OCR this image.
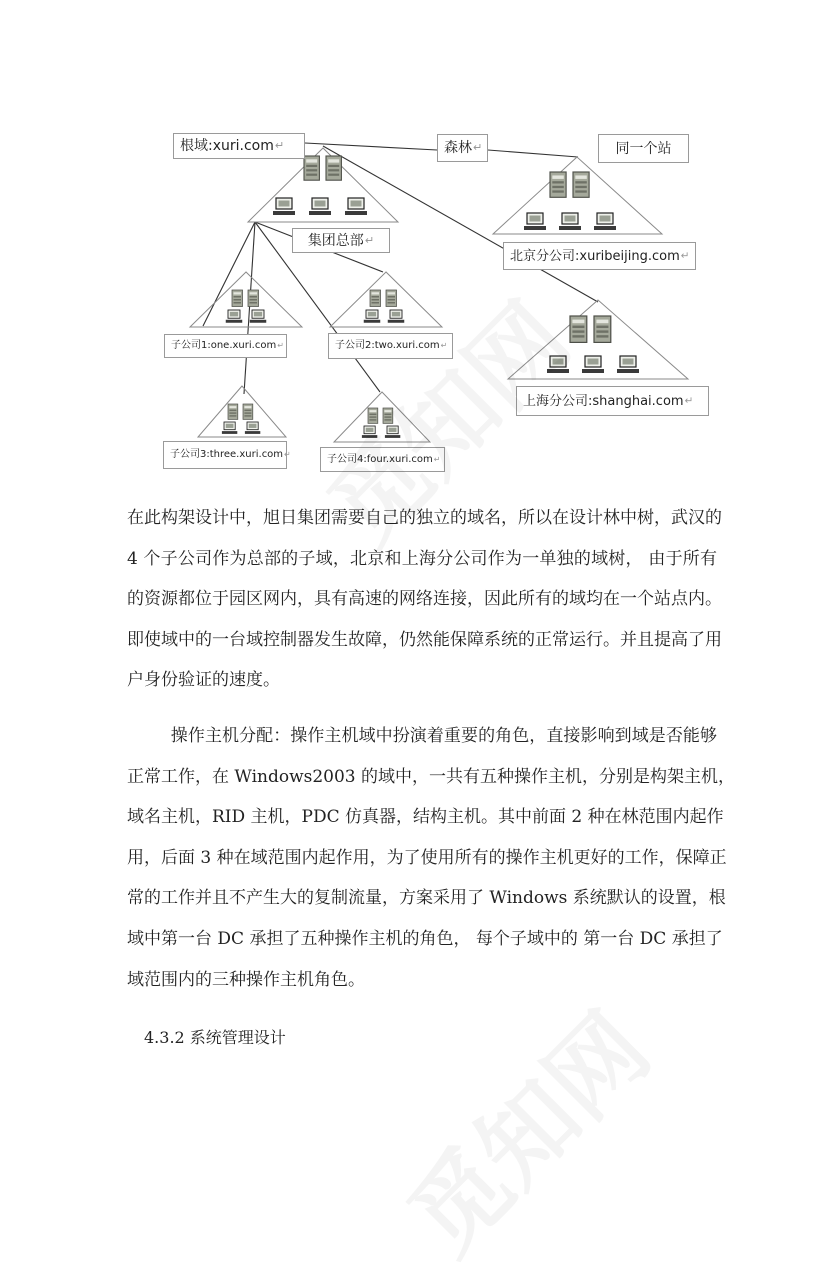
根域:xuri.com ↵	森林 ↵	同一个站
集团总部 ↵
北京分公司:xuribeijing.com ↵
上海分公司:shanghai.com ↵
子公司1:one.xuri.com ↵	子公司2:two.xuri.com ↵
子公司3:three.xuri.com ↵	子公司4:four.xuri.com ↵
在此构架设计中，旭日集团需要自己的独立的域名，所以在设计林中树，武汉的
4 个子公司作为总部的子域，北京和上海分公司作为一单独的域树， 由于所有
的资源都位于园区网内，具有高速的网络连接，因此所有的域均在一个站点内。
即使域中的一台域控制器发生故障，仍然能保障系统的正常运行。并且提高了用
户身份验证的速度。
操作主机分配：操作主机域中扮演着重要的角色，直接影响到域是否能够
正常工作，在 Windows2003 的域中，一共有五种操作主机，分别是构架主机，
域名主机，RID 主机，PDC 仿真器，结构主机。其中前面 2 种在林范围内起作
用，后面 3 种在域范围内起作用，为了使用所有的操作主机更好的工作，保障正
常的工作并且不产生大的复制流量，方案采用了 Windows 系统默认的设置，根
域中第一台 DC 承担了五种操作主机的角色， 每个子域中的 第一台 DC 承担了
域范围内的三种操作主机角色。
4.3.2 系统管理设计
